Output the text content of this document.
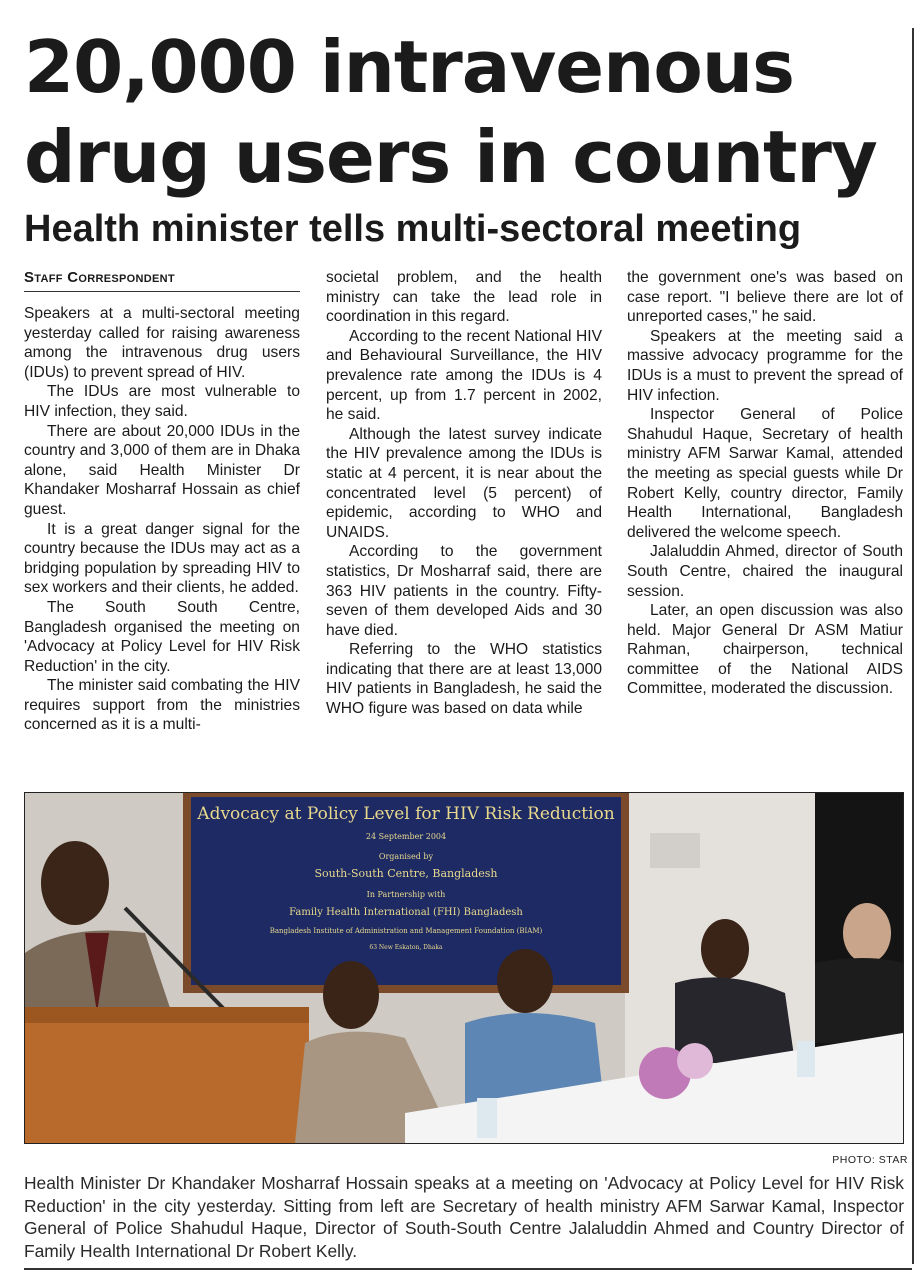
20,000 intravenous drug users in country
Health minister tells multi-sectoral meeting
Staff Correspondent

Speakers at a multi-sectoral meeting yesterday called for raising awareness among the intravenous drug users (IDUs) to prevent spread of HIV.

The IDUs are most vulnerable to HIV infection, they said.

There are about 20,000 IDUs in the country and 3,000 of them are in Dhaka alone, said Health Minister Dr Khandaker Mosharraf Hossain as chief guest.

It is a great danger signal for the country because the IDUs may act as a bridging population by spreading HIV to sex workers and their clients, he added.

The South South Centre, Bangladesh organised the meeting on 'Advocacy at Policy Level for HIV Risk Reduction' in the city.

The minister said combating the HIV requires support from the ministries concerned as it is a multi-

societal problem, and the health ministry can take the lead role in coordination in this regard.

According to the recent National HIV and Behavioural Surveillance, the HIV prevalence rate among the IDUs is 4 percent, up from 1.7 percent in 2002, he said.

Although the latest survey indicate the HIV prevalence among the IDUs is static at 4 percent, it is near about the concentrated level (5 percent) of epidemic, according to WHO and UNAIDS.

According to the government statistics, Dr Mosharraf said, there are 363 HIV patients in the country. Fifty-seven of them developed Aids and 30 have died.

Referring to the WHO statistics indicating that there are at least 13,000 HIV patients in Bangladesh, he said the WHO figure was based on data while

the government one's was based on case report. "I believe there are lot of unreported cases," he said.

Speakers at the meeting said a massive advocacy programme for the IDUs is a must to prevent the spread of HIV infection.

Inspector General of Police Shahudul Haque, Secretary of health ministry AFM Sarwar Kamal, attended the meeting as special guests while Dr Robert Kelly, country director, Family Health International, Bangladesh delivered the welcome speech.

Jalaluddin Ahmed, director of South South Centre, chaired the inaugural session.

Later, an open discussion was also held. Major General Dr ASM Matiur Rahman, chairperson, technical committee of the National AIDS Committee, moderated the discussion.

Advocacy at Policy Level for HIV Risk Reduction
24 September 2004
Organised by
South-South Centre, Bangladesh
In Partnership with
Family Health International (FHI) Bangladesh
Bangladesh Institute of Administration and Management Foundation (BIAM)
63 New Eskaton, Dhaka
PHOTO: STAR

Health Minister Dr Khandaker Mosharraf Hossain speaks at a meeting on 'Advocacy at Policy Level for HIV Risk Reduction' in the city yesterday. Sitting from left are Secretary of health ministry AFM Sarwar Kamal, Inspector General of Police Shahudul Haque, Director of South-South Centre Jalaluddin Ahmed and Country Director of Family Health International Dr Robert Kelly.
